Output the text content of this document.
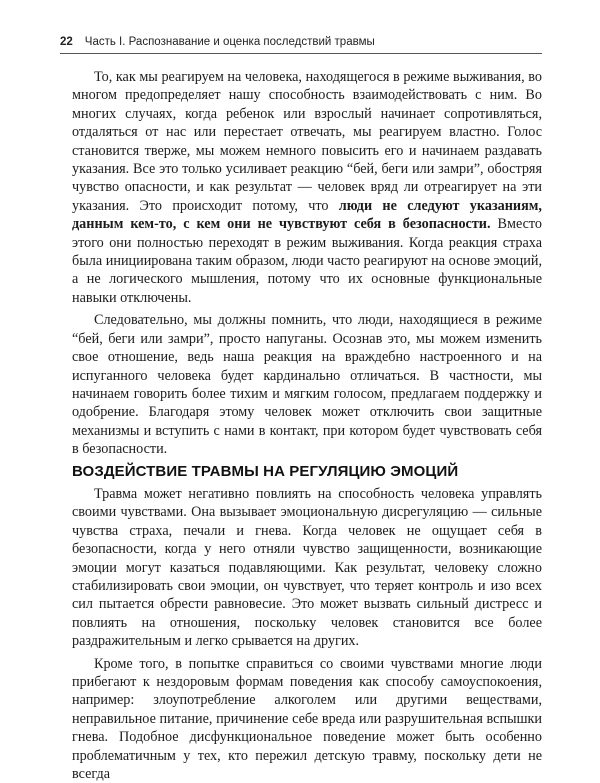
22 Часть I. Распознавание и оценка последствий травмы

То, как мы реагируем на человека, находящегося в режиме выживания, во многом предопределяет нашу способность взаимодействовать с ним. Во многих случаях, когда ребенок или взрослый начинает сопротивляться, отдаляться от нас или перестает отвечать, мы реагируем властно. Голос становится тверже, мы можем немного повысить его и начинаем раздавать указания. Все это только усиливает реакцию “бей, беги или замри”, обостряя чувство опасности, и как результат — человек вряд ли отреагирует на эти указания. Это происходит потому, что люди не следуют указаниям, данным кем-то, с кем они не чувствуют себя в безопасности. Вместо этого они полностью переходят в режим выживания. Когда реакция страха была инициирована таким образом, люди часто реагируют на основе эмоций, а не логического мышления, потому что их основные функциональные навыки отключены.

Следовательно, мы должны помнить, что люди, находящиеся в режиме “бей, беги или замри”, просто напуганы. Осознав это, мы можем изменить свое отношение, ведь наша реакция на враждебно настроенного и на испуганного человека будет кардинально отличаться. В частности, мы начинаем говорить более тихим и мягким голосом, предлагаем поддержку и одобрение. Благодаря этому человек может отключить свои защитные механизмы и вступить с нами в контакт, при котором будет чувствовать себя в безопасности.

ВОЗДЕЙСТВИЕ ТРАВМЫ НА РЕГУЛЯЦИЮ ЭМОЦИЙ

Травма может негативно повлиять на способность человека управлять своими чувствами. Она вызывает эмоциональную дисрегуляцию — сильные чувства страха, печали и гнева. Когда человек не ощущает себя в безопасности, когда у него отняли чувство защищенности, возникающие эмоции могут казаться подавляющими. Как результат, человеку сложно стабилизировать свои эмоции, он чувствует, что теряет контроль и изо всех сил пытается обрести равновесие. Это может вызвать сильный дистресс и повлиять на отношения, поскольку человек становится все более раздражительным и легко срывается на других.

Кроме того, в попытке справиться со своими чувствами многие люди прибегают к нездоровым формам поведения как способу самоуспокоения, например: злоупотребление алкоголем или другими веществами, неправильное питание, причинение себе вреда или разрушительная вспышки гнева. Подобное дисфункциональное поведение может быть особенно проблематичным у тех, кто пережил детскую травму, поскольку дети не всегда
